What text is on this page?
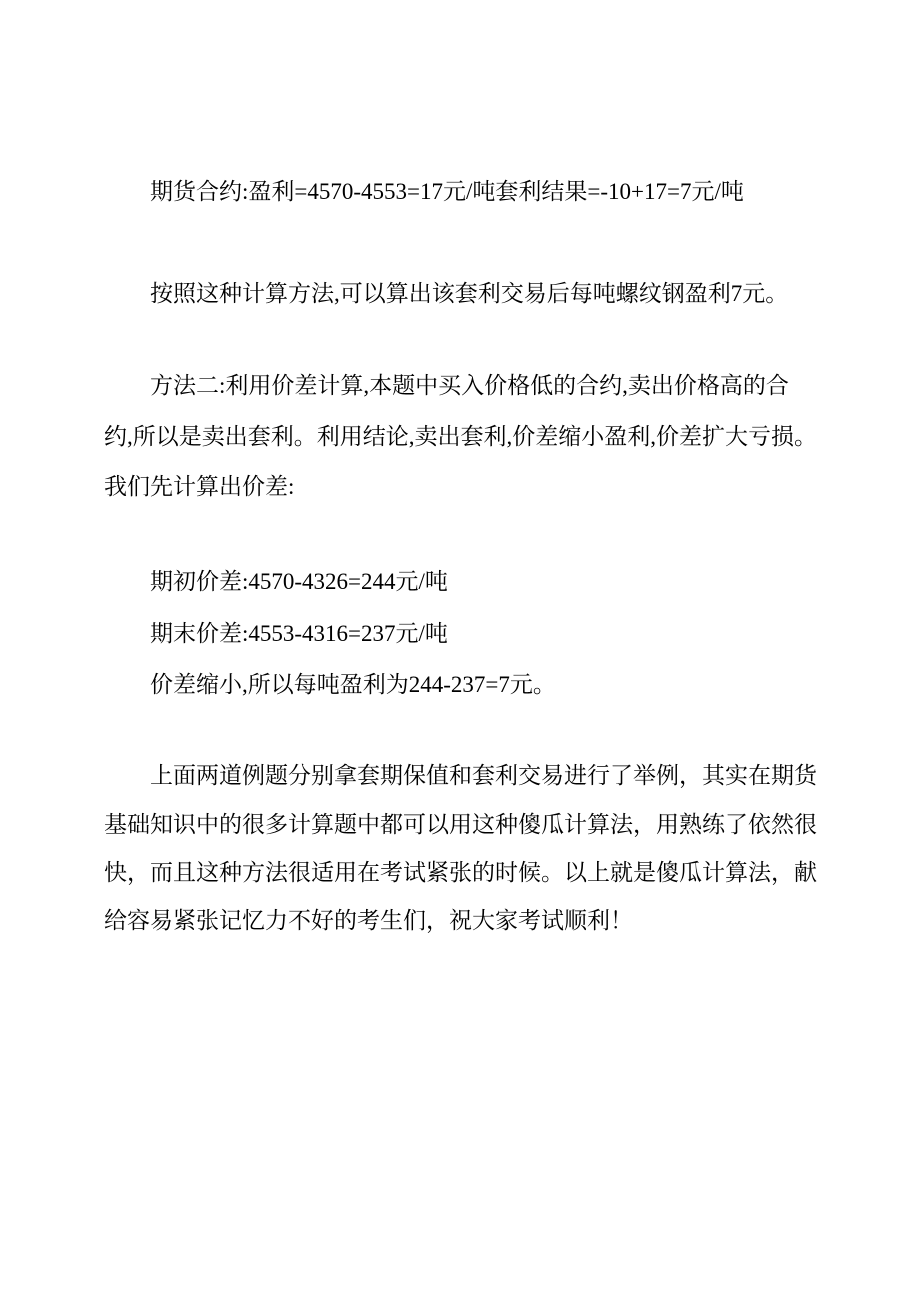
期货合约:盈利=4570-4553=17元/吨套利结果=-10+17=7元/吨
按照这种计算方法,可以算出该套利交易后每吨螺纹钢盈利7元。
方法二:利用价差计算,本题中买入价格低的合约,卖出价格高的合
约,所以是卖出套利。利用结论,卖出套利,价差缩小盈利,价差扩大亏损。
我们先计算出价差:
期初价差:4570-4326=244元/吨
期末价差:4553-4316=237元/吨
价差缩小,所以每吨盈利为244-237=7元。
上面两道例题分别拿套期保值和套利交易进行了举例，其实在期货
基础知识中的很多计算题中都可以用这种傻瓜计算法，用熟练了依然很
快，而且这种方法很适用在考试紧张的时候。以上就是傻瓜计算法，献
给容易紧张记忆力不好的考生们，祝大家考试顺利！
